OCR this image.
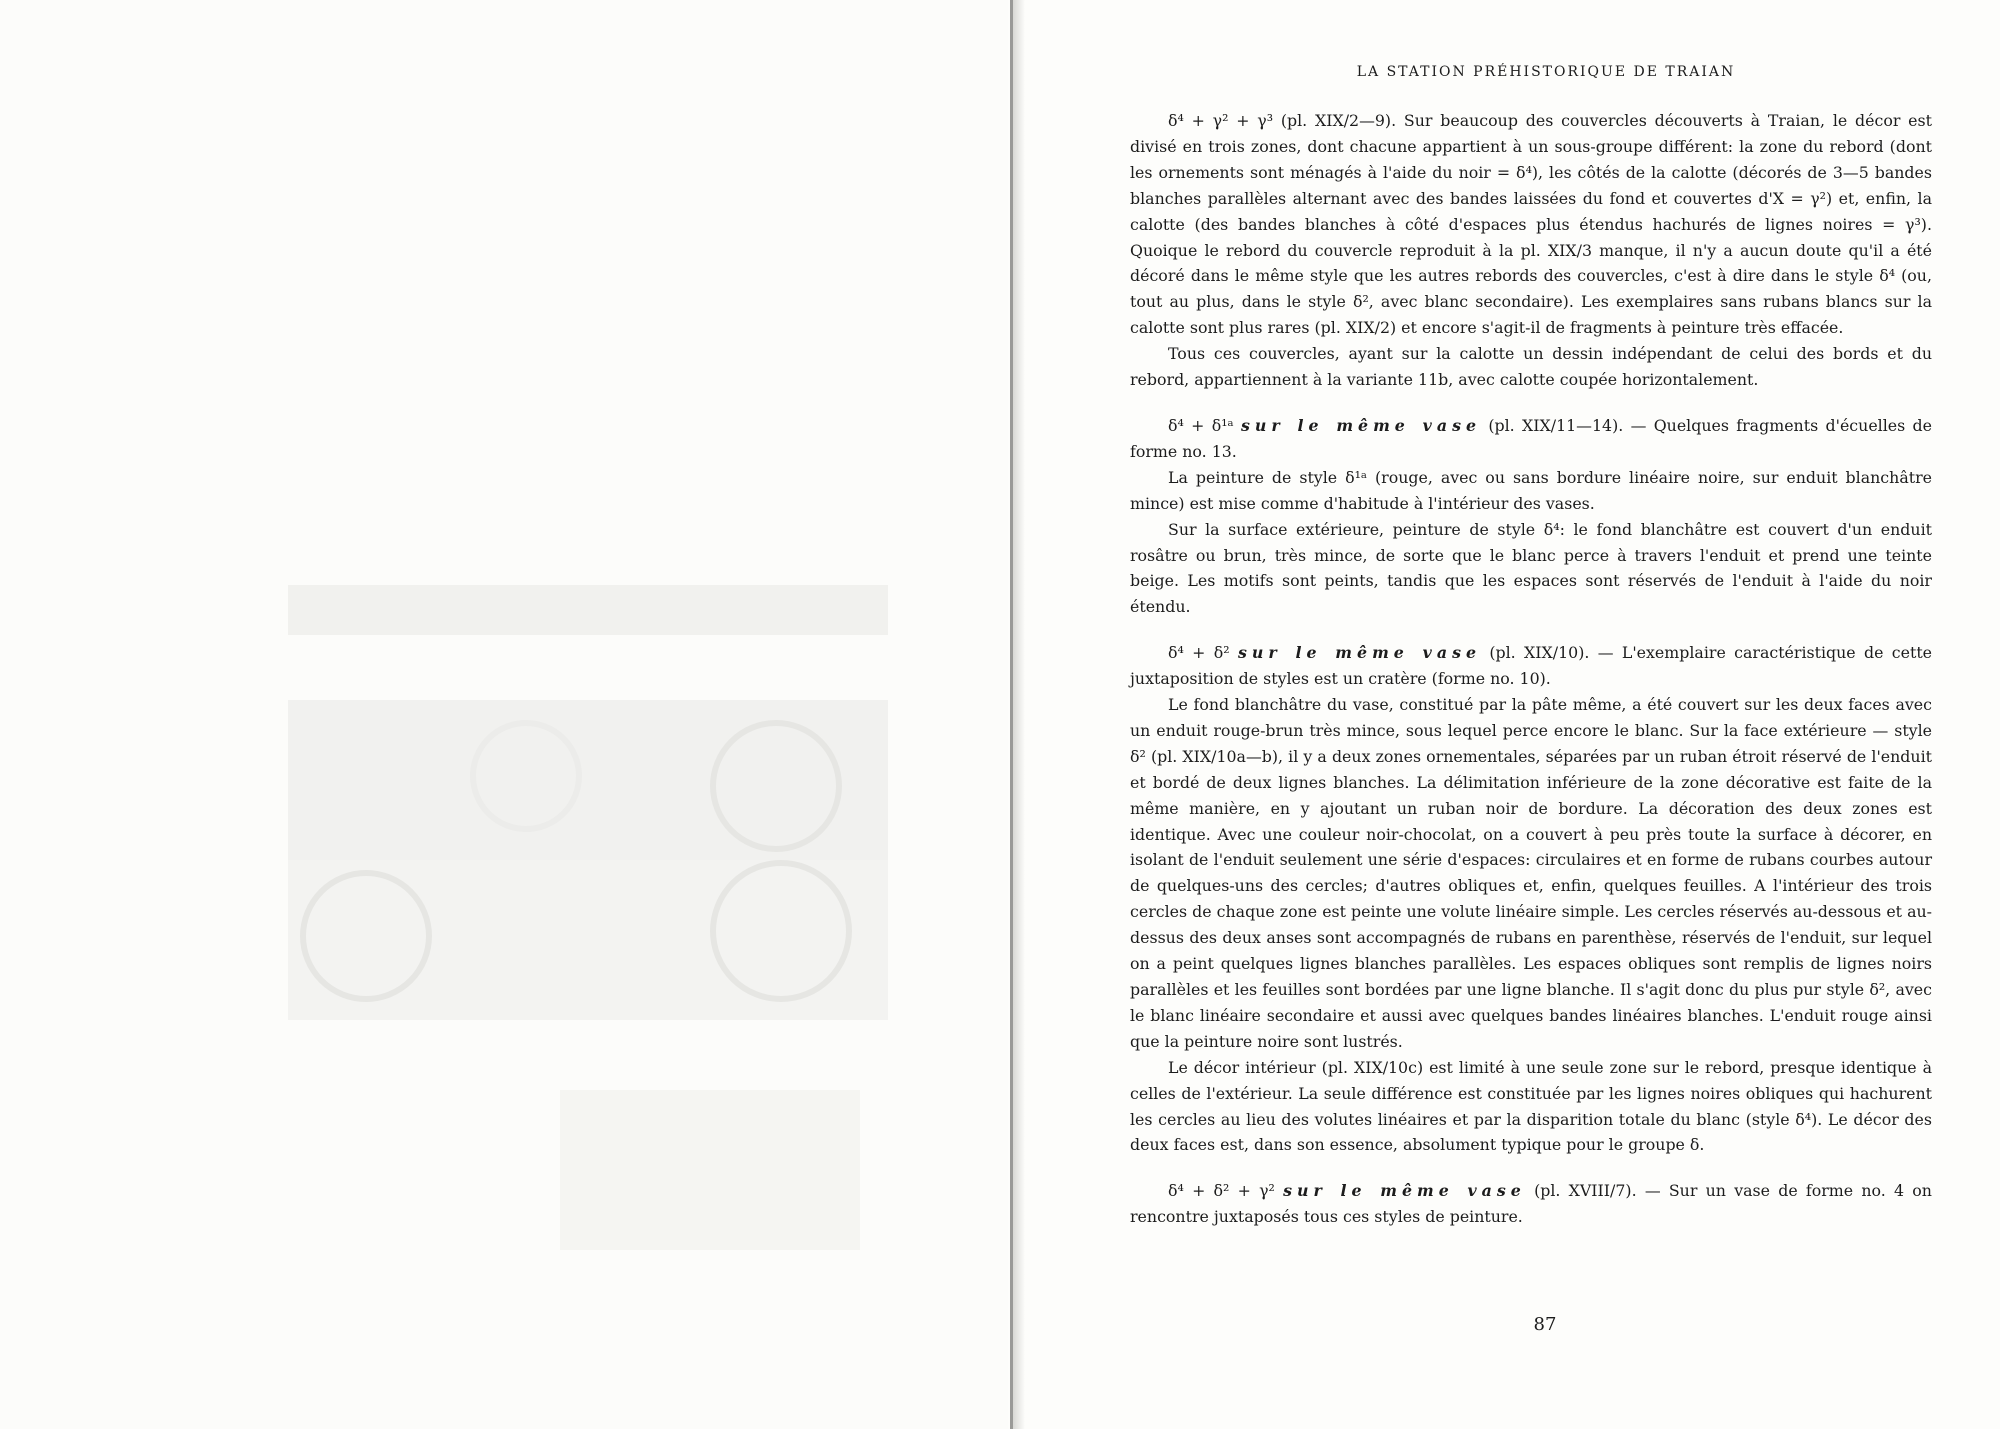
LA STATION PRÉHISTORIQUE DE TRAIAN

δ⁴ + γ² + γ³ (pl. XIX/2—9). Sur beaucoup des couvercles découverts à Traian, le décor est divisé en trois zones, dont chacune appartient à un sous-groupe différent: la zone du rebord (dont les ornements sont ménagés à l'aide du noir = δ⁴), les côtés de la calotte (décorés de 3—5 bandes blanches parallèles alternant avec des bandes laissées du fond et couvertes d'X = γ²) et, enfin, la calotte (des bandes blanches à côté d'espaces plus étendus hachurés de lignes noires = γ³). Quoique le rebord du couvercle reproduit à la pl. XIX/3 manque, il n'y a aucun doute qu'il a été décoré dans le même style que les autres rebords des couvercles, c'est à dire dans le style δ⁴ (ou, tout au plus, dans le style δ², avec blanc secondaire). Les exemplaires sans rubans blancs sur la calotte sont plus rares (pl. XIX/2) et encore s'agit-il de fragments à peinture très effacée.

Tous ces couvercles, ayant sur la calotte un dessin indépendant de celui des bords et du rebord, appartiennent à la variante 11b, avec calotte coupée horizontalement.

δ⁴ + δ¹ᵃ sur le même vase (pl. XIX/11—14). — Quelques fragments d'écuelles de forme no. 13.

La peinture de style δ¹ᵃ (rouge, avec ou sans bordure linéaire noire, sur enduit blanchâtre mince) est mise comme d'habitude à l'intérieur des vases.

Sur la surface extérieure, peinture de style δ⁴: le fond blanchâtre est couvert d'un enduit rosâtre ou brun, très mince, de sorte que le blanc perce à travers l'enduit et prend une teinte beige. Les motifs sont peints, tandis que les espaces sont réservés de l'enduit à l'aide du noir étendu.

δ⁴ + δ² sur le même vase (pl. XIX/10). — L'exemplaire caractéristique de cette juxtaposition de styles est un cratère (forme no. 10).

Le fond blanchâtre du vase, constitué par la pâte même, a été couvert sur les deux faces avec un enduit rouge-brun très mince, sous lequel perce encore le blanc. Sur la face extérieure — style δ² (pl. XIX/10a—b), il y a deux zones ornementales, séparées par un ruban étroit réservé de l'enduit et bordé de deux lignes blanches. La délimitation inférieure de la zone décorative est faite de la même manière, en y ajoutant un ruban noir de bordure. La décoration des deux zones est identique. Avec une couleur noir-chocolat, on a couvert à peu près toute la surface à décorer, en isolant de l'enduit seulement une série d'espaces: circulaires et en forme de rubans courbes autour de quelques-uns des cercles; d'autres obliques et, enfin, quelques feuilles. A l'intérieur des trois cercles de chaque zone est peinte une volute linéaire simple. Les cercles réservés au-dessous et au-dessus des deux anses sont accompagnés de rubans en parenthèse, réservés de l'enduit, sur lequel on a peint quelques lignes blanches parallèles. Les espaces obliques sont remplis de lignes noirs parallèles et les feuilles sont bordées par une ligne blanche. Il s'agit donc du plus pur style δ², avec le blanc linéaire secondaire et aussi avec quelques bandes linéaires blanches. L'enduit rouge ainsi que la peinture noire sont lustrés.

Le décor intérieur (pl. XIX/10c) est limité à une seule zone sur le rebord, presque identique à celles de l'extérieur. La seule différence est constituée par les lignes noires obliques qui hachurent les cercles au lieu des volutes linéaires et par la disparition totale du blanc (style δ⁴). Le décor des deux faces est, dans son essence, absolument typique pour le groupe δ.

δ⁴ + δ² + γ² sur le même vase (pl. XVIII/7). — Sur un vase de forme no. 4 on rencontre juxtaposés tous ces styles de peinture.

87
